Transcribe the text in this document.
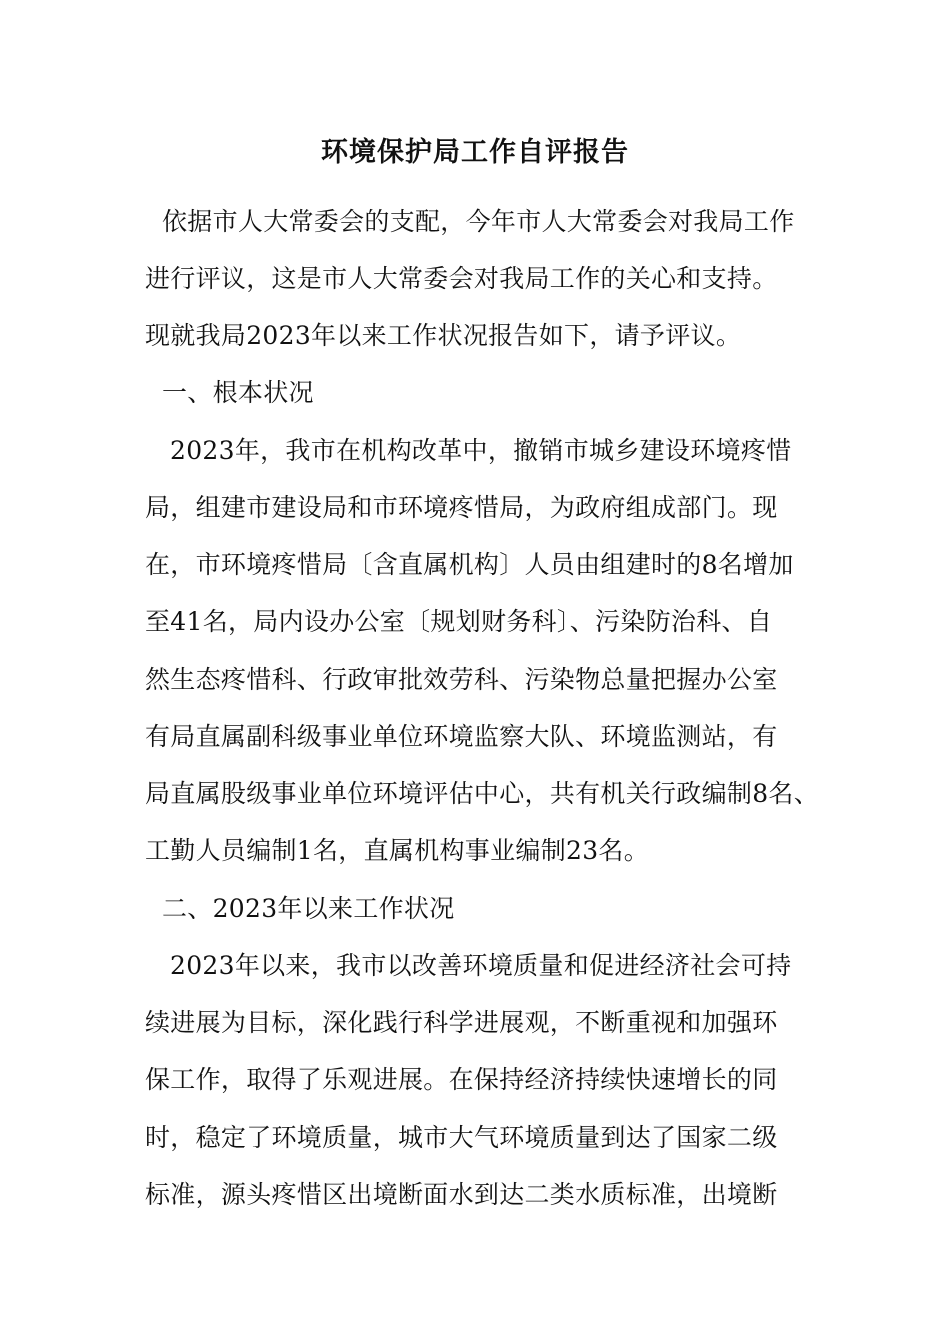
环境保护局工作自评报告
依据市人大常委会的支配，今年市人大常委会对我局工作
进行评议，这是市人大常委会对我局工作的关心和支持。
现就我局2023年以来工作状况报告如下，请予评议。
一、根本状况
2023年，我市在机构改革中，撤销市城乡建设环境疼惜
局，组建市建设局和市环境疼惜局，为政府组成部门。现
在，市环境疼惜局〔含直属机构〕人员由组建时的8名增加
至41名，局内设办公室〔规划财务科〕、污染防治科、自
然生态疼惜科、行政审批效劳科、污染物总量把握办公室
有局直属副科级事业单位环境监察大队、环境监测站，有
局直属股级事业单位环境评估中心，共有机关行政编制8名、
工勤人员编制1名，直属机构事业编制23名。
二、2023年以来工作状况
2023年以来，我市以改善环境质量和促进经济社会可持
续进展为目标，深化践行科学进展观，不断重视和加强环
保工作，取得了乐观进展。在保持经济持续快速增长的同
时，稳定了环境质量，城市大气环境质量到达了国家二级
标准，源头疼惜区出境断面水到达二类水质标准，出境断
